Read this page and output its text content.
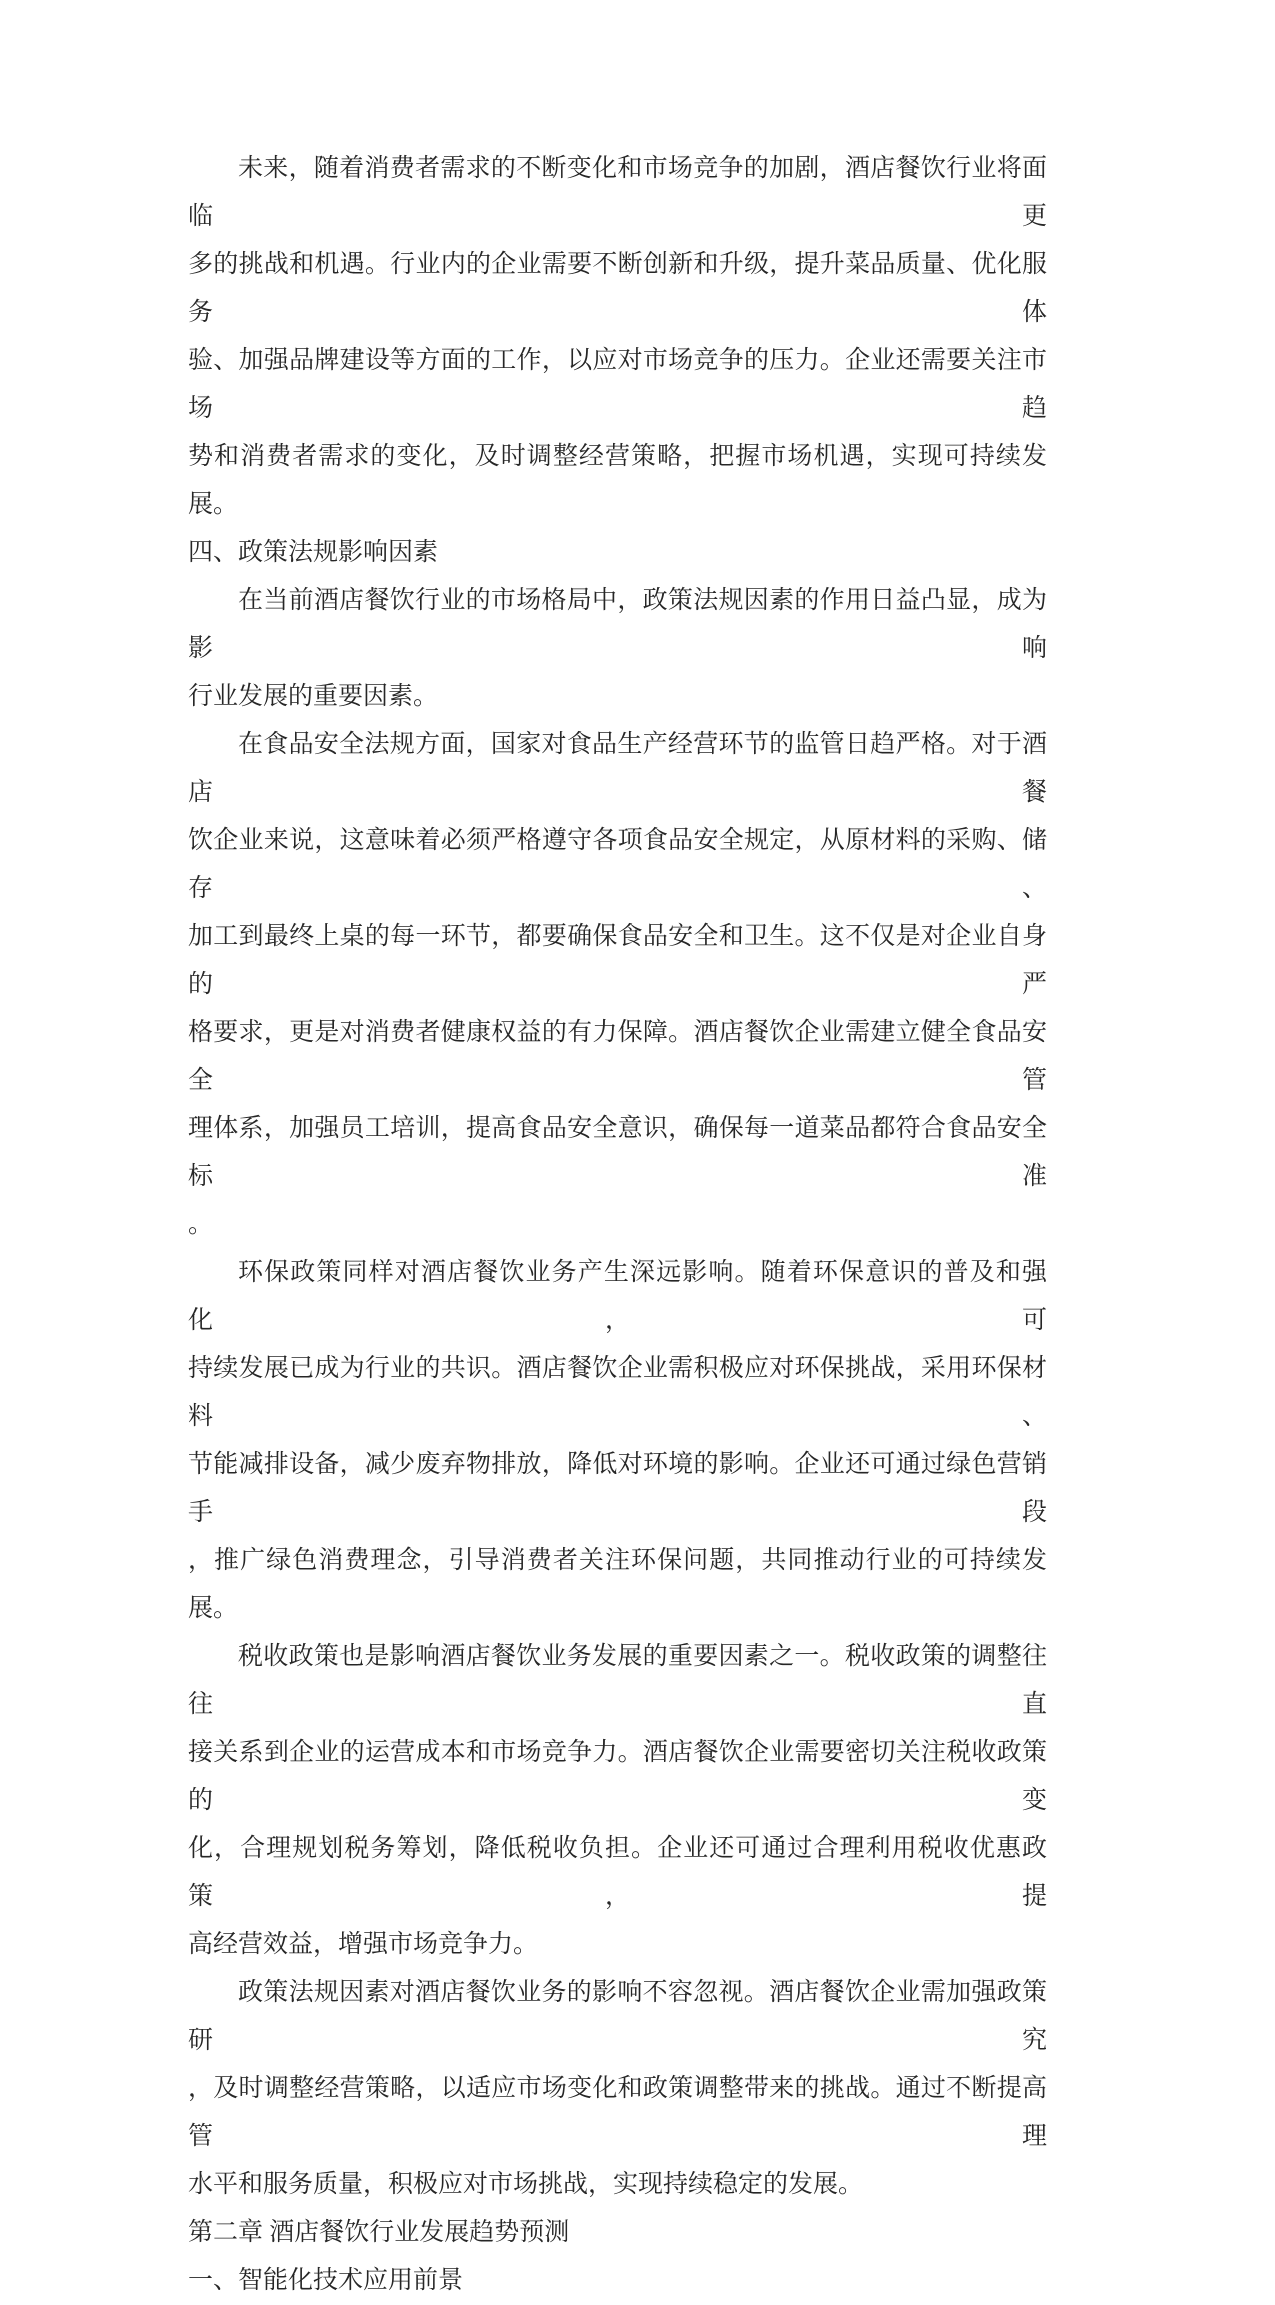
未来，随着消费者需求的不断变化和市场竞争的加剧，酒店餐饮行业将面临更
多的挑战和机遇。行业内的企业需要不断创新和升级，提升菜品质量、优化服务体
验、加强品牌建设等方面的工作，以应对市场竞争的压力。企业还需要关注市场趋
势和消费者需求的变化，及时调整经营策略，把握市场机遇，实现可持续发展。
四、政策法规影响因素
在当前酒店餐饮行业的市场格局中，政策法规因素的作用日益凸显，成为影响
行业发展的重要因素。
在食品安全法规方面，国家对食品生产经营环节的监管日趋严格。对于酒店餐
饮企业来说，这意味着必须严格遵守各项食品安全规定，从原材料的采购、储存、
加工到最终上桌的每一环节，都要确保食品安全和卫生。这不仅是对企业自身的严
格要求，更是对消费者健康权益的有力保障。酒店餐饮企业需建立健全食品安全管
理体系，加强员工培训，提高食品安全意识，确保每一道菜品都符合食品安全标准
。
环保政策同样对酒店餐饮业务产生深远影响。随着环保意识的普及和强化，可
持续发展已成为行业的共识。酒店餐饮企业需积极应对环保挑战，采用环保材料、
节能减排设备，减少废弃物排放，降低对环境的影响。企业还可通过绿色营销手段
，推广绿色消费理念，引导消费者关注环保问题，共同推动行业的可持续发展。
税收政策也是影响酒店餐饮业务发展的重要因素之一。税收政策的调整往往直
接关系到企业的运营成本和市场竞争力。酒店餐饮企业需要密切关注税收政策的变
化，合理规划税务筹划，降低税收负担。企业还可通过合理利用税收优惠政策，提
高经营效益，增强市场竞争力。
政策法规因素对酒店餐饮业务的影响不容忽视。酒店餐饮企业需加强政策研究
，及时调整经营策略，以适应市场变化和政策调整带来的挑战。通过不断提高管理
水平和服务质量，积极应对市场挑战，实现持续稳定的发展。
第二章 酒店餐饮行业发展趋势预测
一、智能化技术应用前景
